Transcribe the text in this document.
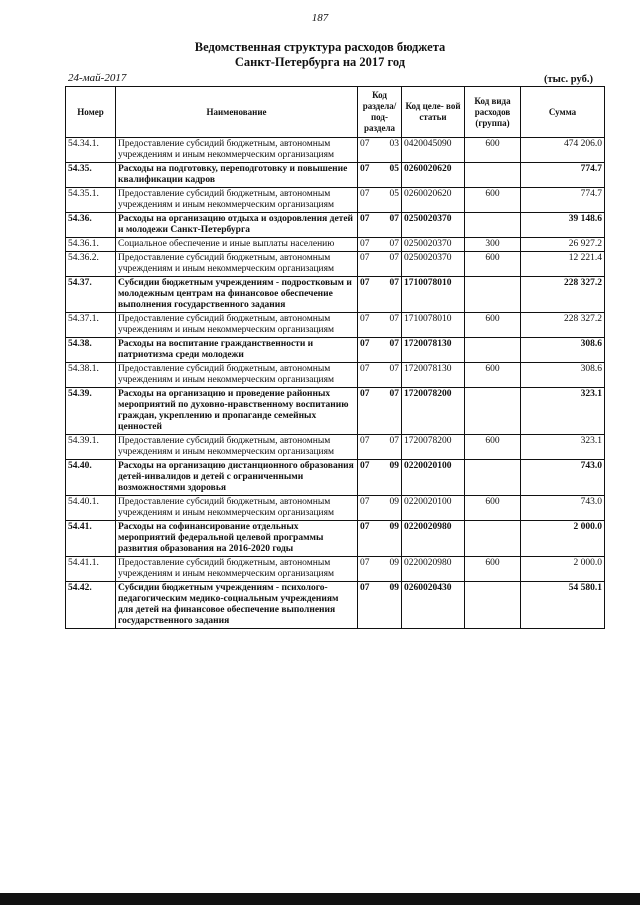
187
Ведомственная структура расходов бюджета
Санкт-Петербурга на 2017 год
24-май-2017	(тыс. руб.)
Номер	Наименование	Код раздела/ под- раздела	Код целе- вой статьи	Код вида расходов (группа)	Сумма
54.34.1.	Предоставление субсидий бюджетным, автономным учреждениям и иным некоммерческим организациям	07 03	0420045090	600	474 206.0
54.35.	Расходы на подготовку, переподготовку и повышение квалификации кадров	07 05	0260020620		774.7
54.35.1.	Предоставление субсидий бюджетным, автономным учреждениям и иным некоммерческим организациям	07 05	0260020620	600	774.7
54.36.	Расходы на организацию отдыха и оздоровления детей и молодежи Санкт-Петербурга	07 07	0250020370		39 148.6
54.36.1.	Социальное обеспечение и иные выплаты населению	07 07	0250020370	300	26 927.2
54.36.2.	Предоставление субсидий бюджетным, автономным учреждениям и иным некоммерческим организациям	07 07	0250020370	600	12 221.4
54.37.	Субсидии бюджетным учреждениям - подростковым и молодежным центрам на финансовое обеспечение выполнения государственного задания	07 07	1710078010		228 327.2
54.37.1.	Предоставление субсидий бюджетным, автономным учреждениям и иным некоммерческим организациям	07 07	1710078010	600	228 327.2
54.38.	Расходы на воспитание гражданственности и патриотизма среди молодежи	07 07	1720078130		308.6
54.38.1.	Предоставление субсидий бюджетным, автономным учреждениям и иным некоммерческим организациям	07 07	1720078130	600	308.6
54.39.	Расходы на организацию и проведение районных мероприятий по духовно-нравственному воспитанию граждан, укреплению и пропаганде семейных ценностей	07 07	1720078200		323.1
54.39.1.	Предоставление субсидий бюджетным, автономным учреждениям и иным некоммерческим организациям	07 07	1720078200	600	323.1
54.40.	Расходы на организацию дистанционного образования детей-инвалидов и детей с ограниченными возможностями здоровья	07 09	0220020100		743.0
54.40.1.	Предоставление субсидий бюджетным, автономным учреждениям и иным некоммерческим организациям	07 09	0220020100	600	743.0
54.41.	Расходы на софинансирование отдельных мероприятий федеральной целевой программы развития образования на 2016-2020 годы	07 09	0220020980		2 000.0
54.41.1.	Предоставление субсидий бюджетным, автономным учреждениям и иным некоммерческим организациям	07 09	0220020980	600	2 000.0
54.42.	Субсидии бюджетным учреждениям - психолого-педагогическим медико-социальным учреждениям для детей на финансовое обеспечение выполнения государственного задания	07 09	0260020430		54 580.1
